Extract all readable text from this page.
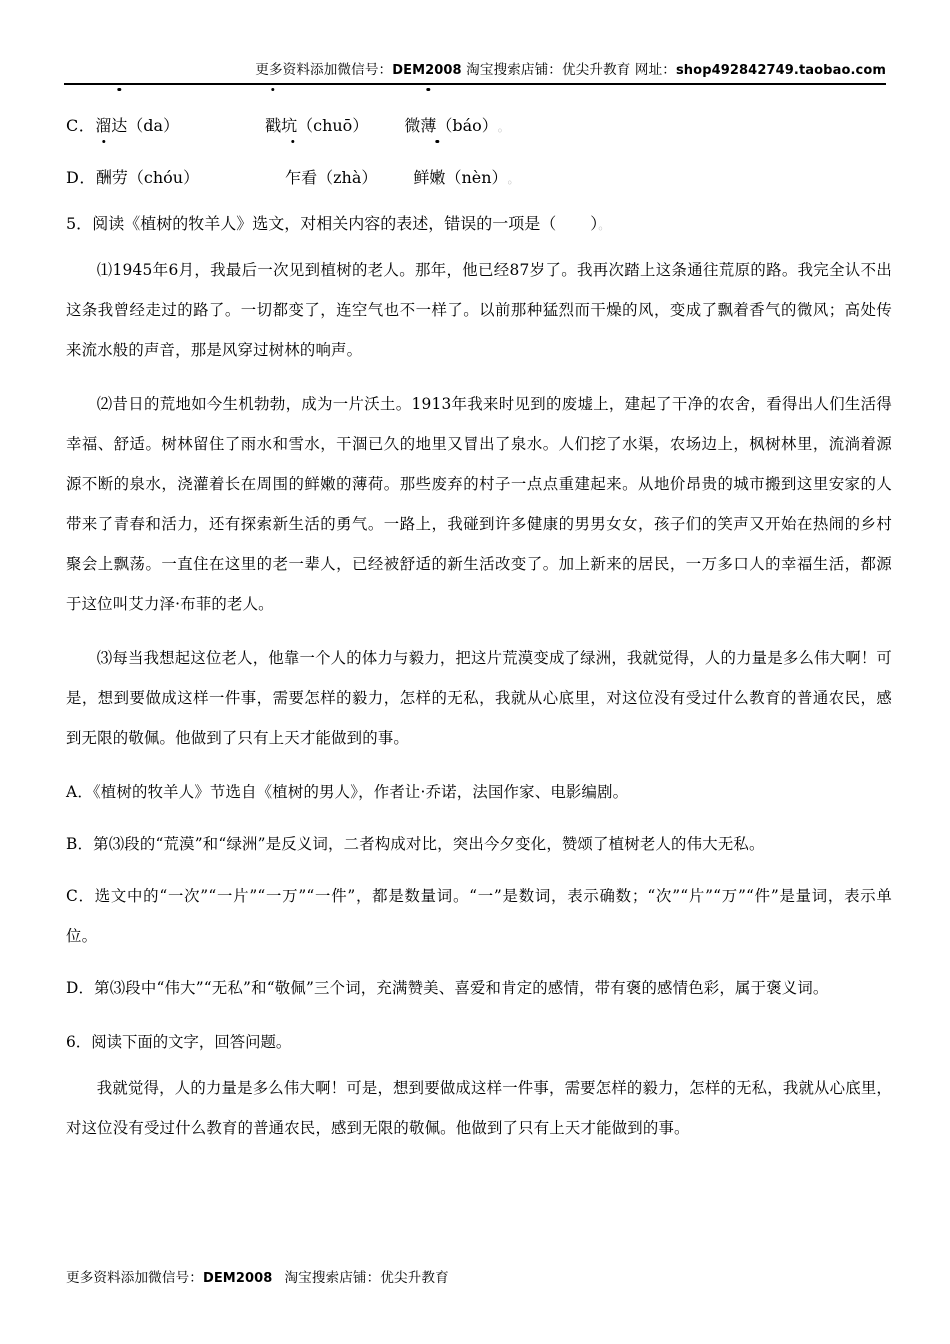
更多资料添加微信号：DEM2008 淘宝搜索店铺：优尖升教育 网址：shop492842749.taobao.com
C．溜达（da）	戳坑（chuō） 微薄（báo）。
D．酬劳（chóu）	乍看（zhà） 鲜嫩（nèn）。
5．阅读《植树的牧羊人》选文，对相关内容的表述，错误的一项是（ ）。

⑴1945年6月，我最后一次见到植树的老人。那年，他已经87岁了。我再次踏上这条通往荒原的路。我完全认不出这条我曾经走过的路了。一切都变了，连空气也不一样了。以前那种猛烈而干燥的风，变成了飘着香气的微风；高处传来流水般的声音，那是风穿过树林的响声。

⑵昔日的荒地如今生机勃勃，成为一片沃土。1913年我来时见到的废墟上，建起了干净的农舍，看得出人们生活得幸福、舒适。树林留住了雨水和雪水，干涸已久的地里又冒出了泉水。人们挖了水渠，农场边上，枫树林里，流淌着源源不断的泉水，浇灌着长在周围的鲜嫩的薄荷。那些废弃的村子一点点重建起来。从地价昂贵的城市搬到这里安家的人带来了青春和活力，还有探索新生活的勇气。一路上，我碰到许多健康的男男女女，孩子们的笑声又开始在热闹的乡村聚会上飘荡。一直住在这里的老一辈人，已经被舒适的新生活改变了。加上新来的居民，一万多口人的幸福生活，都源于这位叫艾力泽·布菲的老人。

⑶每当我想起这位老人，他靠一个人的体力与毅力，把这片荒漠变成了绿洲，我就觉得，人的力量是多么伟大啊！可是，想到要做成这样一件事，需要怎样的毅力，怎样的无私，我就从心底里，对这位没有受过什么教育的普通农民，感到无限的敬佩。他做到了只有上天才能做到的事。

A．《植树的牧羊人》节选自《植树的男人》，作者让·乔诺，法国作家、电影编剧。

B．第⑶段的“荒漠”和“绿洲”是反义词，二者构成对比，突出今夕变化，赞颂了植树老人的伟大无私。

C．选文中的“一次”“一片”“一万”“一件”，都是数量词。“一”是数词，表示确数；“次”“片”“万”“件”是量词，表示单位。

D．第⑶段中“伟大”“无私”和“敬佩”三个词，充满赞美、喜爱和肯定的感情，带有褒的感情色彩，属于褒义词。

6．阅读下面的文字，回答问题。

我就觉得，人的力量是多么伟大啊！可是，想到要做成这样一件事，需要怎样的毅力，怎样的无私，我就从心底里，对这位没有受过什么教育的普通农民，感到无限的敬佩。他做到了只有上天才能做到的事。

更多资料添加微信号：DEM2008 淘宝搜索店铺：优尖升教育
